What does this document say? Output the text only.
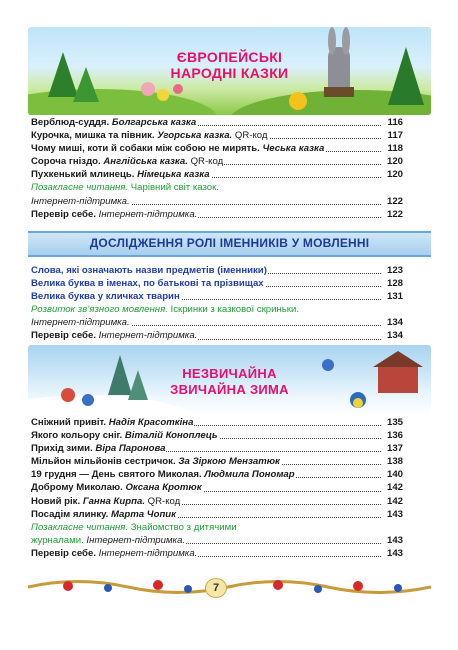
ЄВРОПЕЙСЬКІ
НАРОДНІ КАЗКИ
Верблюд-суддя. Болгарська казка	116
Курочка, мишка та півник. Угорська казка. QR-код	117
Чому миші, коти й собаки між собою не мирять. Чеська казка	118
Сороча гніздо. Англійська казка. QR-код	120
Пухкенький млинець. Німецька казка	120
Позакласне читання. Чарівний світ казок.
Інтернет-підтримка.	122
Перевір себе. Інтернет-підтримка.	122
ДОСЛІДЖЕННЯ РОЛІ ІМЕННИКІВ У МОВЛЕННІ
Слова, які означають назви предметів (іменники)	123
Велика буква в іменах, по батькові та прізвищах	128
Велика буква у кличках тварин	131
Розвиток зв’язного мовлення. Іскринки з казкової скриньки.
Інтернет-підтримка.	134
Перевір себе. Інтернет-підтримка.	134
НЕЗВИЧАЙНА
ЗВИЧАЙНА ЗИМА
Сніжний привіт. Надія Красоткіна	135
Якого кольору сніг. Віталій Коноплець	136
Прихід зими. Віра Паронова	137
Мільйон мільйонів сестричок. За Зіркою Мензатюк	138
19 грудня — День святого Миколая. Людмила Пономар	140
Доброму Миколаю. Оксана Кротюк	142
Новий рік. Ганна Кирпа. QR-код	142
Посадім ялинку. Марта Чопик	143
Позакласне читання. Знайомство з дитячими
журналами. Інтернет-підтримка.	143
Перевір себе. Інтернет-підтримка.	143
7
